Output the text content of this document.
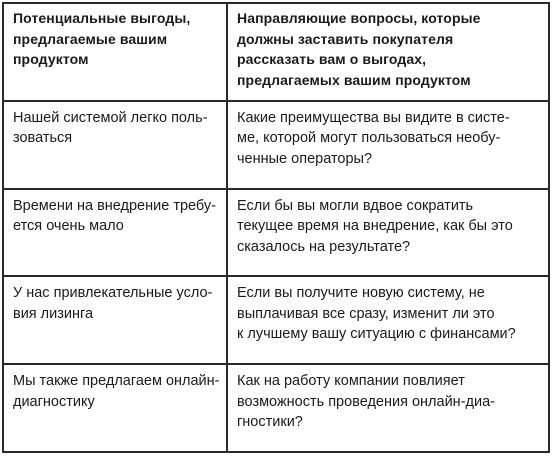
Потенциальные выгоды,
предлагаемые вашим
продуктом	Направляющие вопросы, которые
должны заставить покупателя
рассказать вам о выгодах,
предлагаемых вашим продуктом

Нашей системой легко поль-
зоваться	Какие преимущества вы видите в систе-
ме, которой могут пользоваться необу-
ченные операторы?

Времени на внедрение требу-
ется очень мало	Если бы вы могли вдвое сократить
текущее время на внедрение, как бы это
сказалось на результате?

У нас привлекательные усло-
вия лизинга	Если вы получите новую систему, не
выплачивая все сразу, изменит ли это
к лучшему вашу ситуацию с финансами?

Мы также предлагаем онлайн-
диагностику	Как на работу компании повлияет
возможность проведения онлайн-диа-
гностики?
